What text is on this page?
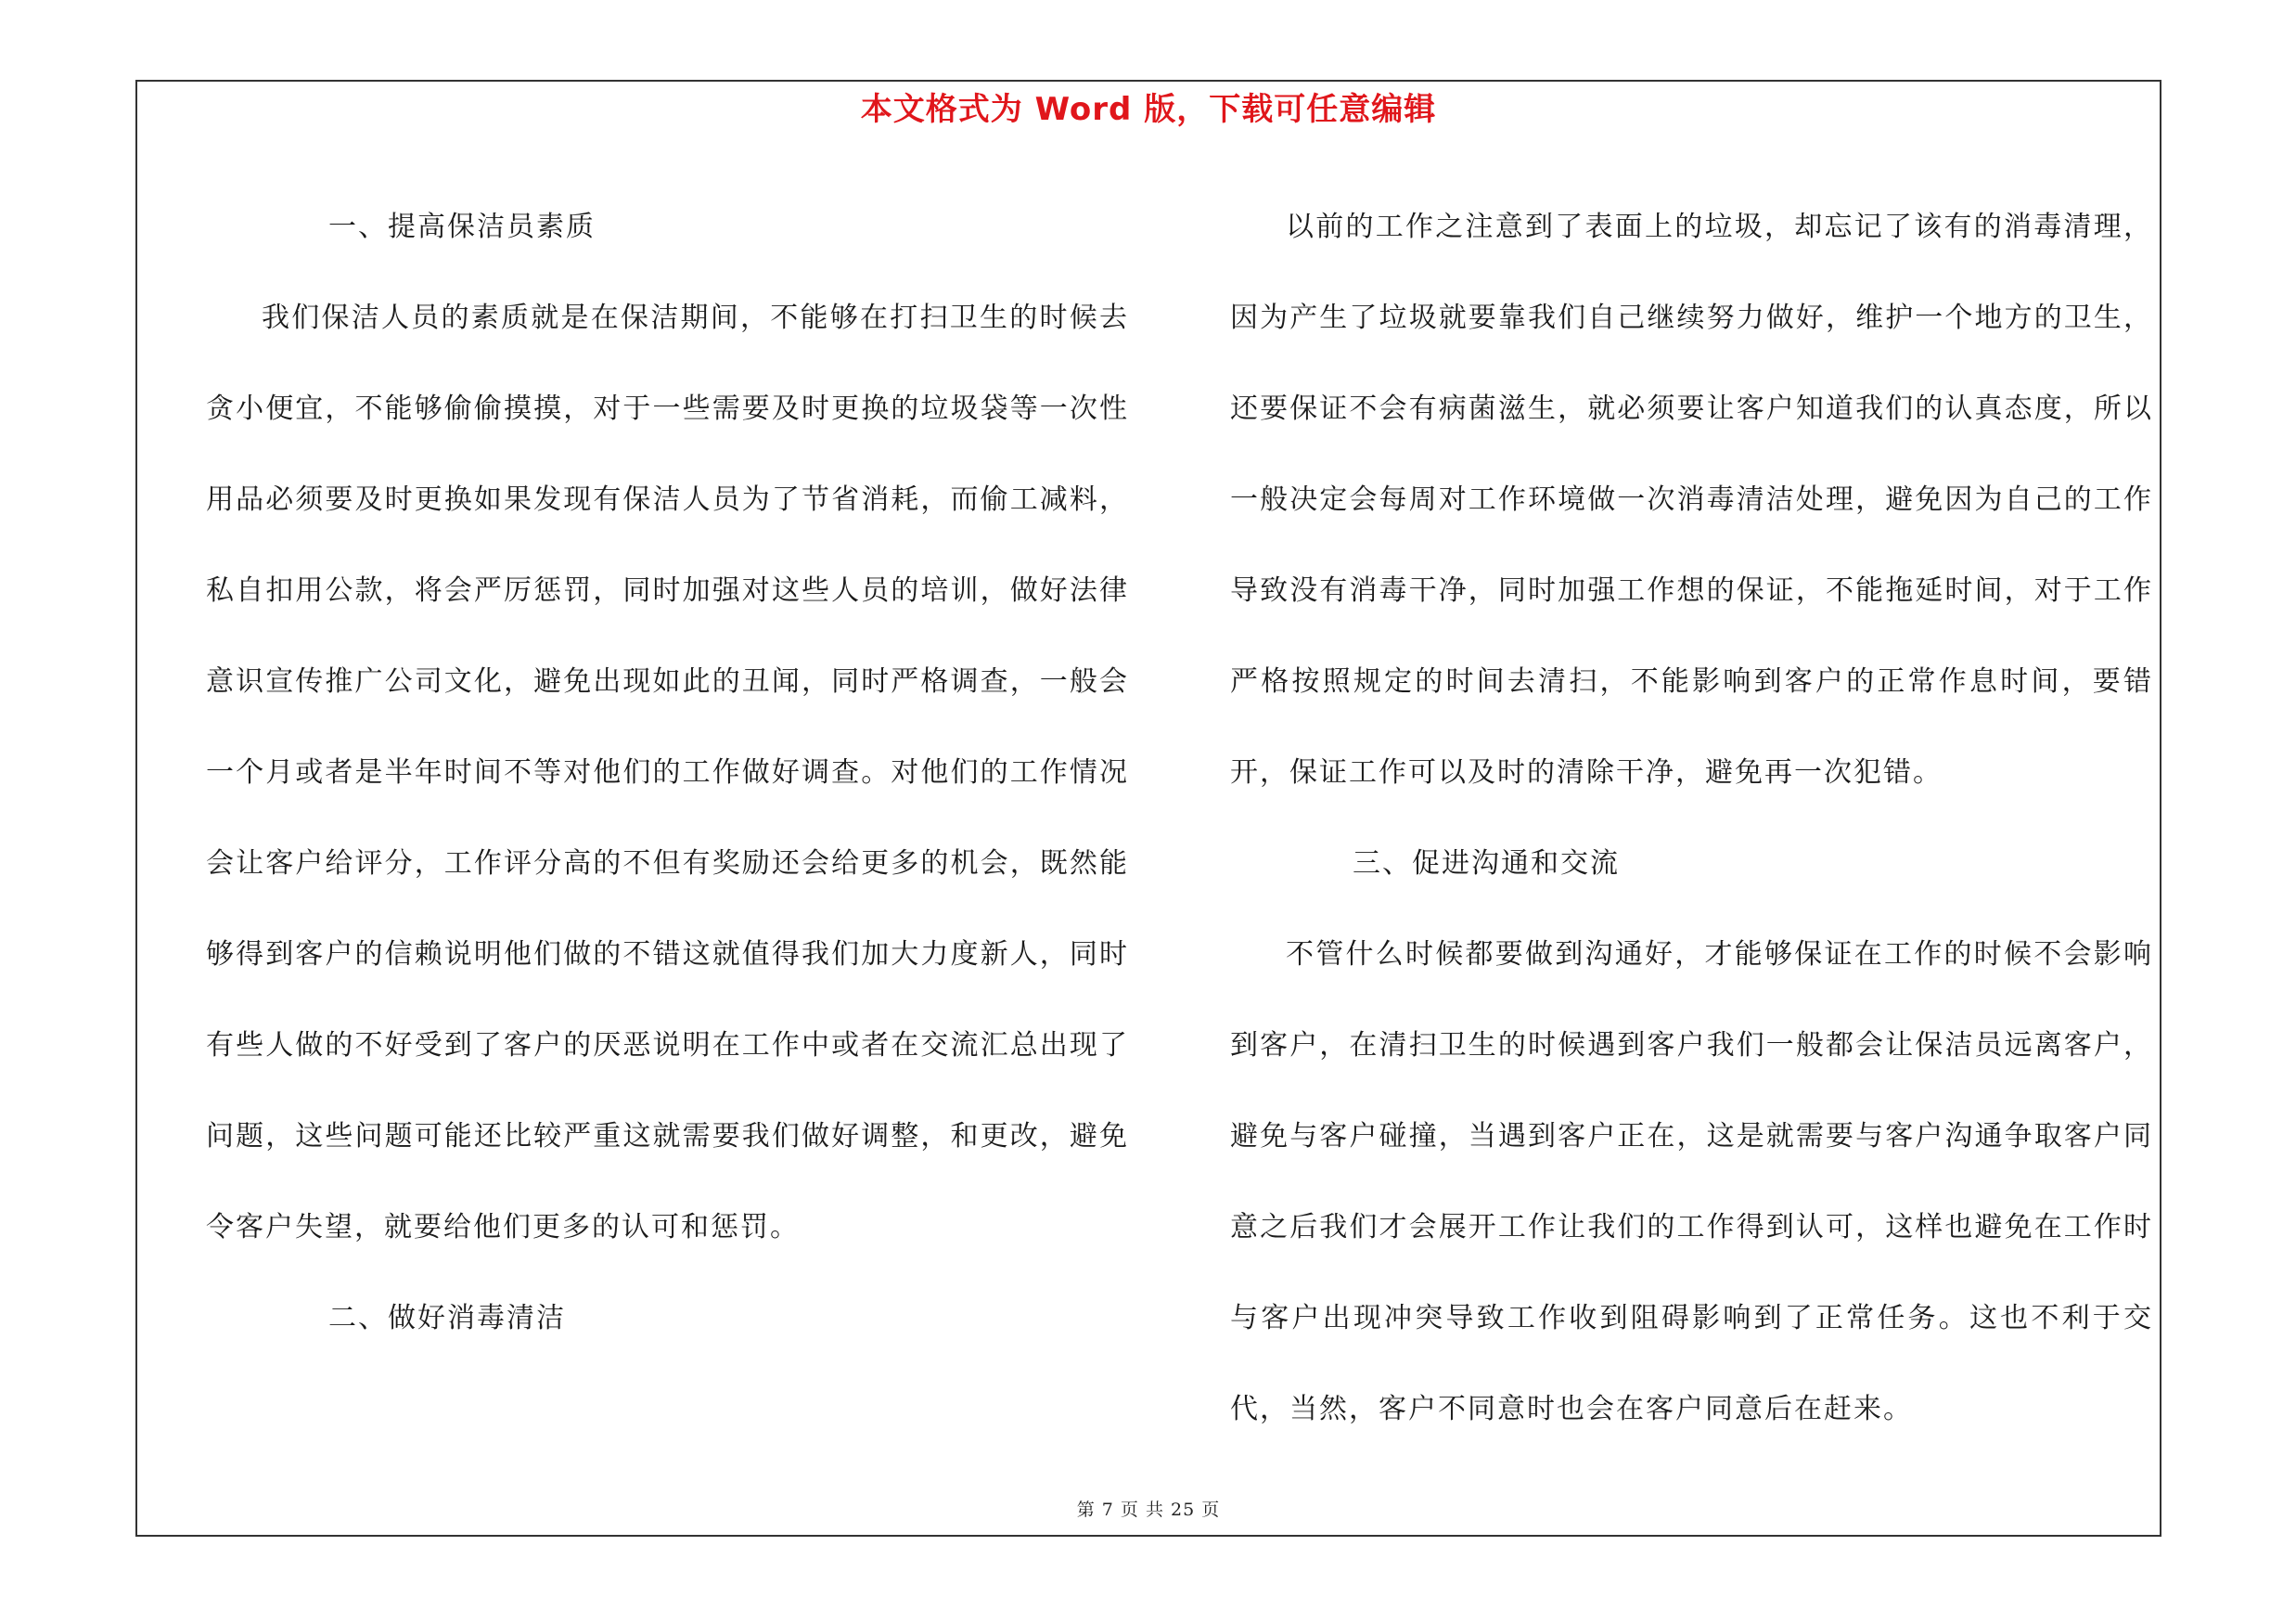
本文格式为 Word 版，下载可任意编辑

一、提高保洁员素质

我们保洁人员的素质就是在保洁期间，不能够在打扫卫生的时候去贪小便宜，不能够偷偷摸摸，对于一些需要及时更换的垃圾袋等一次性用品必须要及时更换如果发现有保洁人员为了节省消耗，而偷工减料，私自扣用公款，将会严厉惩罚，同时加强对这些人员的培训，做好法律意识宣传推广公司文化，避免出现如此的丑闻，同时严格调查，一般会一个月或者是半年时间不等对他们的工作做好调查。对他们的工作情况会让客户给评分，工作评分高的不但有奖励还会给更多的机会，既然能够得到客户的信赖说明他们做的不错这就值得我们加大力度新人，同时有些人做的不好受到了客户的厌恶说明在工作中或者在交流汇总出现了问题，这些问题可能还比较严重这就需要我们做好调整，和更改，避免令客户失望，就要给他们更多的认可和惩罚。

二、做好消毒清洁

以前的工作之注意到了表面上的垃圾，却忘记了该有的消毒清理，因为产生了垃圾就要靠我们自己继续努力做好，维护一个地方的卫生，还要保证不会有病菌滋生，就必须要让客户知道我们的认真态度，所以一般决定会每周对工作环境做一次消毒清洁处理，避免因为自己的工作导致没有消毒干净，同时加强工作想的保证，不能拖延时间，对于工作严格按照规定的时间去清扫，不能影响到客户的正常作息时间，要错开，保证工作可以及时的清除干净，避免再一次犯错。

三、促进沟通和交流

不管什么时候都要做到沟通好，才能够保证在工作的时候不会影响到客户，在清扫卫生的时候遇到客户我们一般都会让保洁员远离客户，避免与客户碰撞，当遇到客户正在，这是就需要与客户沟通争取客户同意之后我们才会展开工作让我们的工作得到认可，这样也避免在工作时与客户出现冲突导致工作收到阻碍影响到了正常任务。这也不利于交代，当然，客户不同意时也会在客户同意后在赶来。

第 7 页 共 25 页
